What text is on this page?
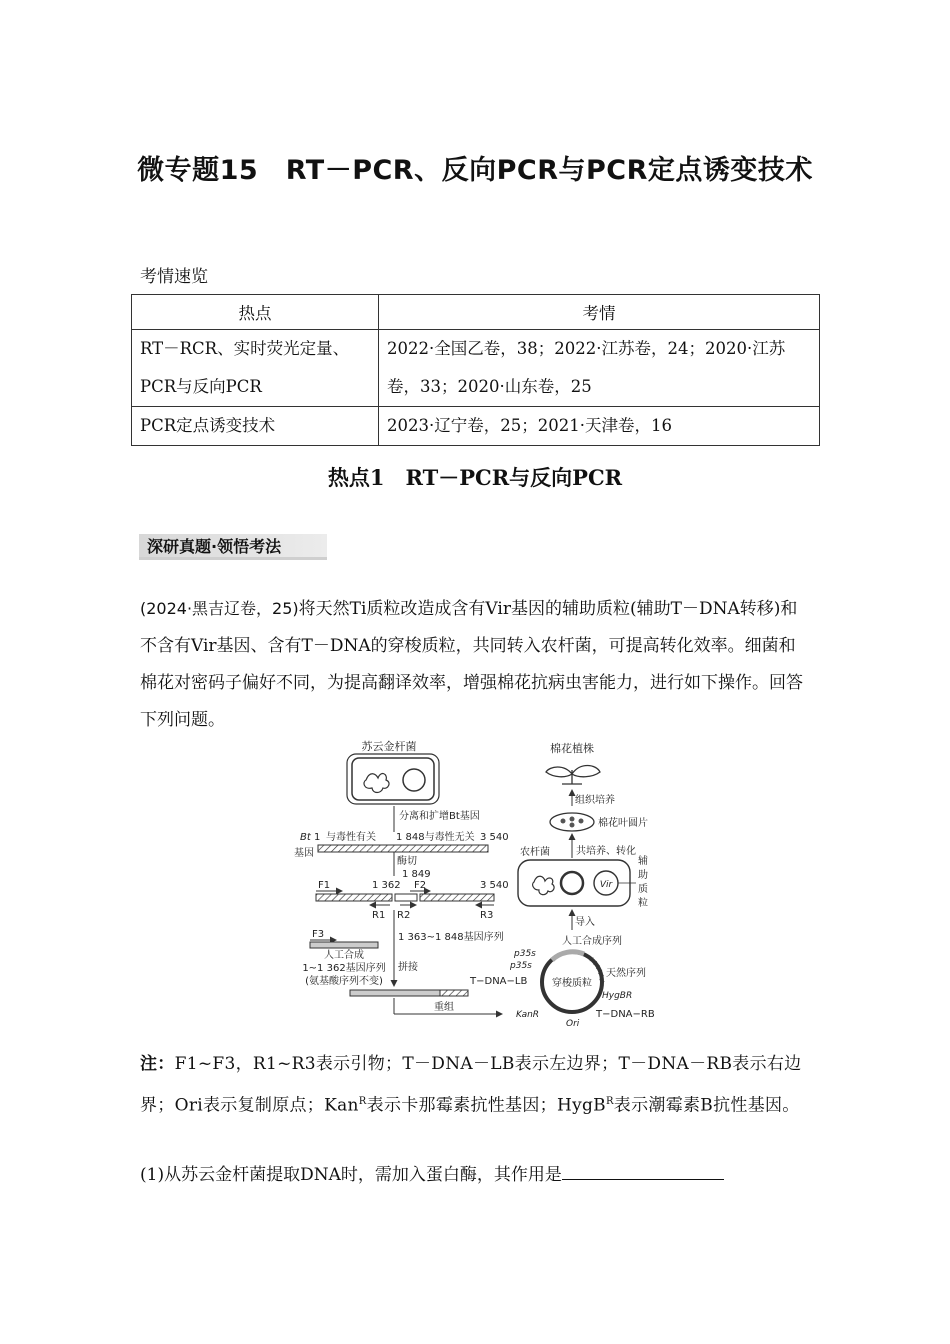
微专题15　RT－PCR、反向PCR与PCR定点诱变技术
考情速览
热点	考情
RT－RCR、实时荧光定量、PCR与反向PCR	2022·全国乙卷，38；2022·江苏卷，24；2020·江苏卷，33；2020·山东卷，25
PCR定点诱变技术	2023·辽宁卷，25；2021·天津卷，16
热点1　RT－PCR与反向PCR
深研真题·领悟考法

(2024·黑吉辽卷，25)将天然Ti质粒改造成含有Vir基因的辅助质粒(辅助T－DNA转移)和不含有Vir基因、含有T－DNA的穿梭质粒，共同转入农杆菌，可提高转化效率。细菌和棉花对密码子偏好不同，为提高翻译效率，增强棉花抗病虫害能力，进行如下操作。回答下列问题。

苏云金杆菌
分离和扩增Bt基因
Bt 1 与毒性有关 1 848与毒性无关 3 540
基因
酶切
1 849
F1	1 362 F2	3 540
R1 R2	R3
1 363~1 848基因序列
F3
人工合成
1~1 362基因序列
(氨基酸序列不变)
拼接
重组
棉花植株
组织培养
棉花叶圆片
农杆菌	共培养、转化
Vir
辅
助
质
粒
导入
人工合成序列
穿梭质粒
p35s
p35s
T−DNA−LB
天然序列
HygBR
KanR
Ori
T−DNA−RB

注：F1~F3，R1~R3表示引物；T－DNA－LB表示左边界；T－DNA－RB表示右边界；Ori表示复制原点；Kan$^R$表示卡那霉素抗性基因；HygB$^R$表示潮霉素B抗性基因。

(1)从苏云金杆菌提取DNA时，需加入蛋白酶，其作用是
